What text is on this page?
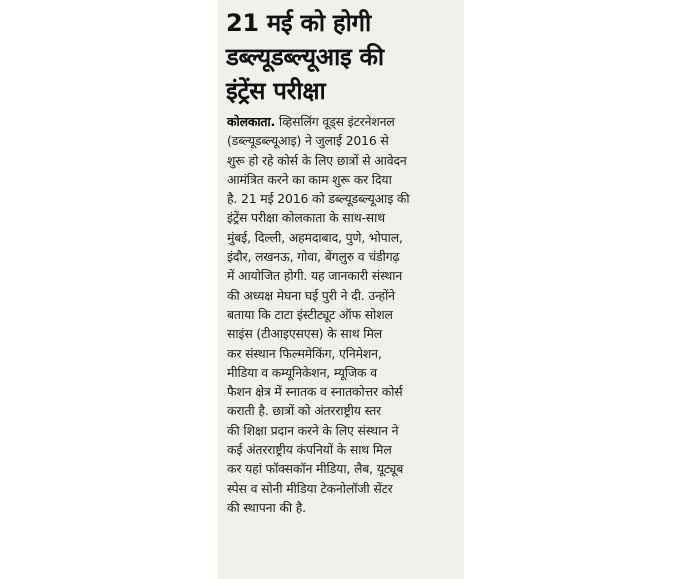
21 मई को होगी
डब्ल्यूडब्ल्यूआइ की
इंट्रेंस परीक्षा
कोलकाता. व्हिसलिंग वूड्स इंटरनेशनल
(डब्ल्यूडब्ल्यूआइ) ने जुलाई 2016 से
शुरू हो रहे कोर्स के लिए छात्रों से आवेदन
आमंत्रित करने का काम शुरू कर दिया
है. 21 मई 2016 को डब्ल्यूडब्ल्यूआइ की
इंट्रेंस परीक्षा कोलकाता के साथ-साथ
मुंबई, दिल्ली, अहमदाबाद, पुणे, भोपाल,
इंदौर, लखनऊ, गोवा, बेंगलुरु व चंडीगढ़
में आयोजित होगी. यह जानकारी संस्थान
की अध्यक्ष मेघना घई पुरी ने दी. उन्होंने
बताया कि टाटा इंस्टीट्यूट ऑफ सोशल
साइंस (टीआइएसएस) के साथ मिल
कर संस्थान फिल्ममेकिंग, एनिमेशन,
मीडिया व कम्यूनिकेशन, म्यूजिक व
फैशन क्षेत्र में स्नातक व स्नातकोत्तर कोर्स
कराती है. छात्रों को अंतरराष्ट्रीय स्तर
की शिक्षा प्रदान करने के लिए संस्थान ने
कई अंतरराष्ट्रीय कंपनियों के साथ मिल
कर यहां फॉक्सकॉन मीडिया, लैब, यूट्यूब
स्पेस व सोनी मीडिया टेकनोलॉजी सेंटर
की स्थापना की है.
